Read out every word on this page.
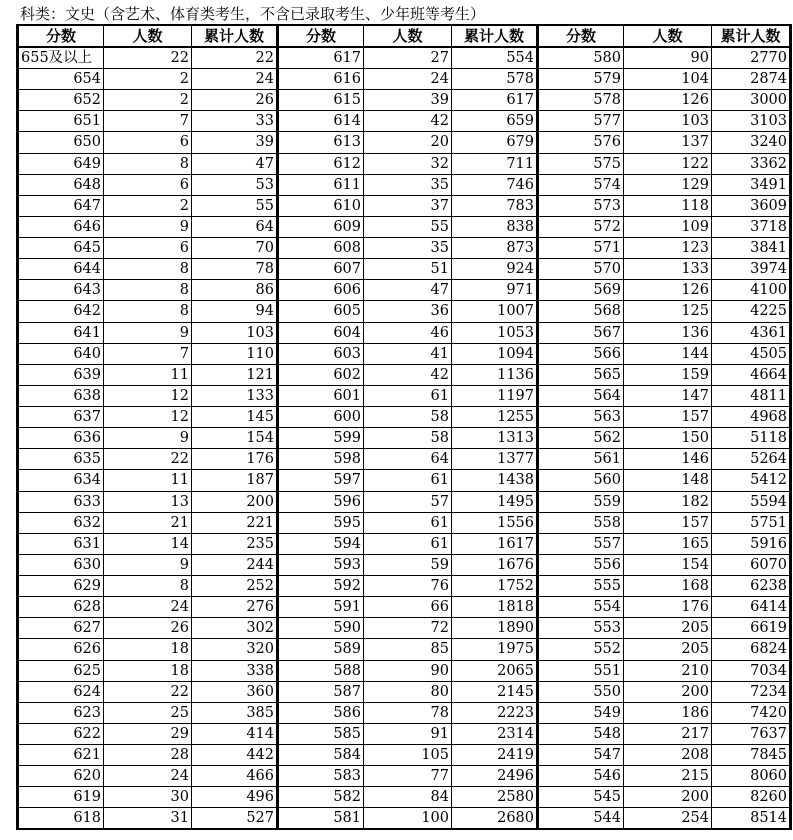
科类：文史（含艺术、体育类考生，不含已录取考生、少年班等考生）
分数	人数	累计人数	分数	人数	累计人数	分数	人数	累计人数
655及以上	22	22	617	27	554	580	90	2770
654	2	24	616	24	578	579	104	2874
652	2	26	615	39	617	578	126	3000
651	7	33	614	42	659	577	103	3103
650	6	39	613	20	679	576	137	3240
649	8	47	612	32	711	575	122	3362
648	6	53	611	35	746	574	129	3491
647	2	55	610	37	783	573	118	3609
646	9	64	609	55	838	572	109	3718
645	6	70	608	35	873	571	123	3841
644	8	78	607	51	924	570	133	3974
643	8	86	606	47	971	569	126	4100
642	8	94	605	36	1007	568	125	4225
641	9	103	604	46	1053	567	136	4361
640	7	110	603	41	1094	566	144	4505
639	11	121	602	42	1136	565	159	4664
638	12	133	601	61	1197	564	147	4811
637	12	145	600	58	1255	563	157	4968
636	9	154	599	58	1313	562	150	5118
635	22	176	598	64	1377	561	146	5264
634	11	187	597	61	1438	560	148	5412
633	13	200	596	57	1495	559	182	5594
632	21	221	595	61	1556	558	157	5751
631	14	235	594	61	1617	557	165	5916
630	9	244	593	59	1676	556	154	6070
629	8	252	592	76	1752	555	168	6238
628	24	276	591	66	1818	554	176	6414
627	26	302	590	72	1890	553	205	6619
626	18	320	589	85	1975	552	205	6824
625	18	338	588	90	2065	551	210	7034
624	22	360	587	80	2145	550	200	7234
623	25	385	586	78	2223	549	186	7420
622	29	414	585	91	2314	548	217	7637
621	28	442	584	105	2419	547	208	7845
620	24	466	583	77	2496	546	215	8060
619	30	496	582	84	2580	545	200	8260
618	31	527	581	100	2680	544	254	8514
